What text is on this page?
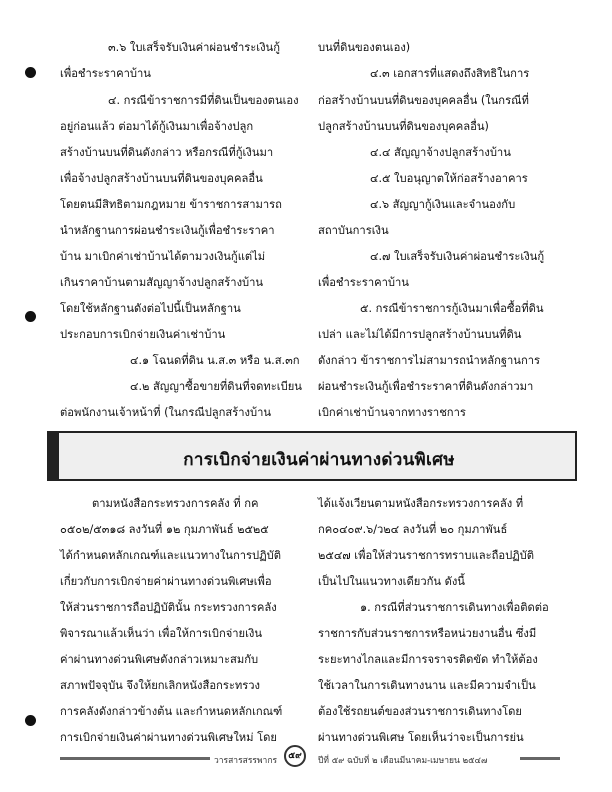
๓.๖ ใบเสร็จรับเงินค่าผ่อนชำระเงินกู้
เพื่อชำระราคาบ้าน
๔. กรณีข้าราชการมีที่ดินเป็นของตนเอง
อยู่ก่อนแล้ว ต่อมาได้กู้เงินมาเพื่อจ้างปลูก
สร้างบ้านบนที่ดินดังกล่าว หรือกรณีที่กู้เงินมา
เพื่อจ้างปลูกสร้างบ้านบนที่ดินของบุคคลอื่น
โดยตนมีสิทธิตามกฎหมาย ข้าราชการสามารถ
นำหลักฐานการผ่อนชำระเงินกู้เพื่อชำระราคา
บ้าน มาเบิกค่าเช่าบ้านได้ตามวงเงินกู้แต่ไม่
เกินราคาบ้านตามสัญญาจ้างปลูกสร้างบ้าน
โดยใช้หลักฐานดังต่อไปนี้เป็นหลักฐาน
ประกอบการเบิกจ่ายเงินค่าเช่าบ้าน
๔.๑ โฉนดที่ดิน น.ส.๓ หรือ น.ส.๓ก
๔.๒ สัญญาซื้อขายที่ดินที่จดทะเบียน
ต่อพนักงานเจ้าหน้าที่ (ในกรณีปลูกสร้างบ้าน
บนที่ดินของตนเอง)
๔.๓ เอกสารที่แสดงถึงสิทธิในการ
ก่อสร้างบ้านบนที่ดินของบุคคลอื่น (ในกรณีที่
ปลูกสร้างบ้านบนที่ดินของบุคคลอื่น)
๔.๔ สัญญาจ้างปลูกสร้างบ้าน
๔.๕ ใบอนุญาตให้ก่อสร้างอาคาร
๔.๖ สัญญากู้เงินและจำนองกับ
สถาบันการเงิน
๔.๗ ใบเสร็จรับเงินค่าผ่อนชำระเงินกู้
เพื่อชำระราคาบ้าน
๕. กรณีข้าราชการกู้เงินมาเพื่อซื้อที่ดิน
เปล่า และไม่ได้มีการปลูกสร้างบ้านบนที่ดิน
ดังกล่าว ข้าราชการไม่สามารถนำหลักฐานการ
ผ่อนชำระเงินกู้เพื่อชำระราคาที่ดินดังกล่าวมา
เบิกค่าเช่าบ้านจากทางราชการ
การเบิกจ่ายเงินค่าผ่านทางด่วนพิเศษ
ตามหนังสือกระทรวงการคลัง ที่ กค
๐๕๐๒/๕๓๑๘ ลงวันที่ ๑๒ กุมภาพันธ์ ๒๕๒๕
ได้กำหนดหลักเกณฑ์และแนวทางในการปฏิบัติ
เกี่ยวกับการเบิกจ่ายค่าผ่านทางด่วนพิเศษเพื่อ
ให้ส่วนราชการถือปฏิบัตินั้น กระทรวงการคลัง
พิจารณาแล้วเห็นว่า เพื่อให้การเบิกจ่ายเงิน
ค่าผ่านทางด่วนพิเศษดังกล่าวเหมาะสมกับ
สภาพปัจจุบัน จึงให้ยกเลิกหนังสือกระทรวง
การคลังดังกล่าวข้างต้น และกำหนดหลักเกณฑ์
การเบิกจ่ายเงินค่าผ่านทางด่วนพิเศษใหม่ โดย
ได้แจ้งเวียนตามหนังสือกระทรวงการคลัง ที่
กค๐๔๐๙.๖/ว๒๔ ลงวันที่ ๒๐ กุมภาพันธ์
๒๕๔๗ เพื่อให้ส่วนราชการทราบและถือปฏิบัติ
เป็นไปในแนวทางเดียวกัน ดังนี้
๑. กรณีที่ส่วนราชการเดินทางเพื่อติดต่อ
ราชการกับส่วนราชการหรือหน่วยงานอื่น ซึ่งมี
ระยะทางไกลและมีการจราจรติดขัด ทำให้ต้อง
ใช้เวลาในการเดินทางนาน และมีความจำเป็น
ต้องใช้รถยนต์ของส่วนราชการเดินทางโดย
ผ่านทางด่วนพิเศษ โดยเห็นว่าจะเป็นการย่น
วารสารสรรพากร	๕๙	ปีที่ ๕๙ ฉบับที่ ๒ เดือนมีนาคม-เมษายน ๒๕๔๗
